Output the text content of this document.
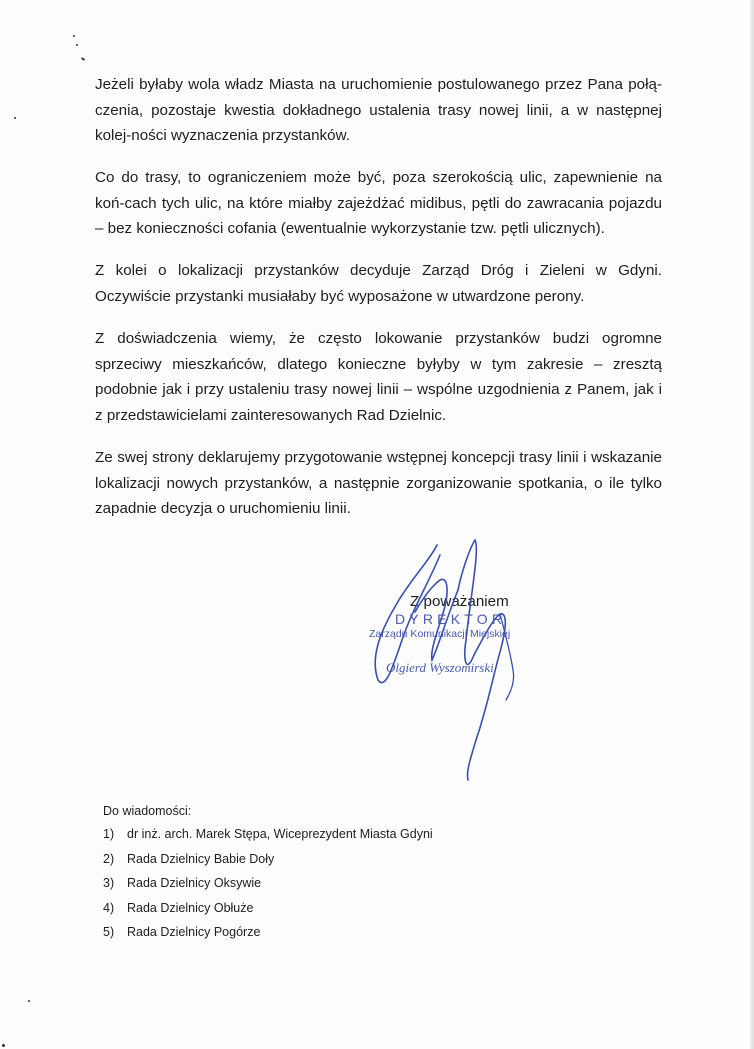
Jeżeli byłaby wola władz Miasta na uruchomienie postulowanego przez Pana połą-czenia, pozostaje kwestia dokładnego ustalenia trasy nowej linii, a w następnej kolej-ności wyznaczenia przystanków.

Co do trasy, to ograniczeniem może być, poza szerokością ulic, zapewnienie na koń-cach tych ulic, na które miałby zajeżdżać midibus, pętli do zawracania pojazdu – bez konieczności cofania (ewentualnie wykorzystanie tzw. pętli ulicznych).

Z kolei o lokalizacji przystanków decyduje Zarząd Dróg i Zieleni w Gdyni. Oczywiście przystanki musiałaby być wyposażone w utwardzone perony.

Z doświadczenia wiemy, że często lokowanie przystanków budzi ogromne sprzeciwy mieszkańców, dlatego konieczne byłyby w tym zakresie – zresztą podobnie jak i przy ustaleniu trasy nowej linii – wspólne uzgodnienia z Panem, jak i z przedstawicielami zainteresowanych Rad Dzielnic.

Ze swej strony deklarujemy przygotowanie wstępnej koncepcji trasy linii i wskazanie lokalizacji nowych przystanków, a następnie zorganizowanie spotkania, o ile tylko zapadnie decyzja o uruchomieniu linii.

Z poważaniem
DYREKTOR
Zarządu Komunikacji Miejskiej
Olgierd Wyszomirski
Do wiadomości:
1) dr inż. arch. Marek Stępa, Wiceprezydent Miasta Gdyni
2) Rada Dzielnicy Babie Doły
3) Rada Dzielnicy Oksywie
4) Rada Dzielnicy Obłuże
5) Rada Dzielnicy Pogórze
